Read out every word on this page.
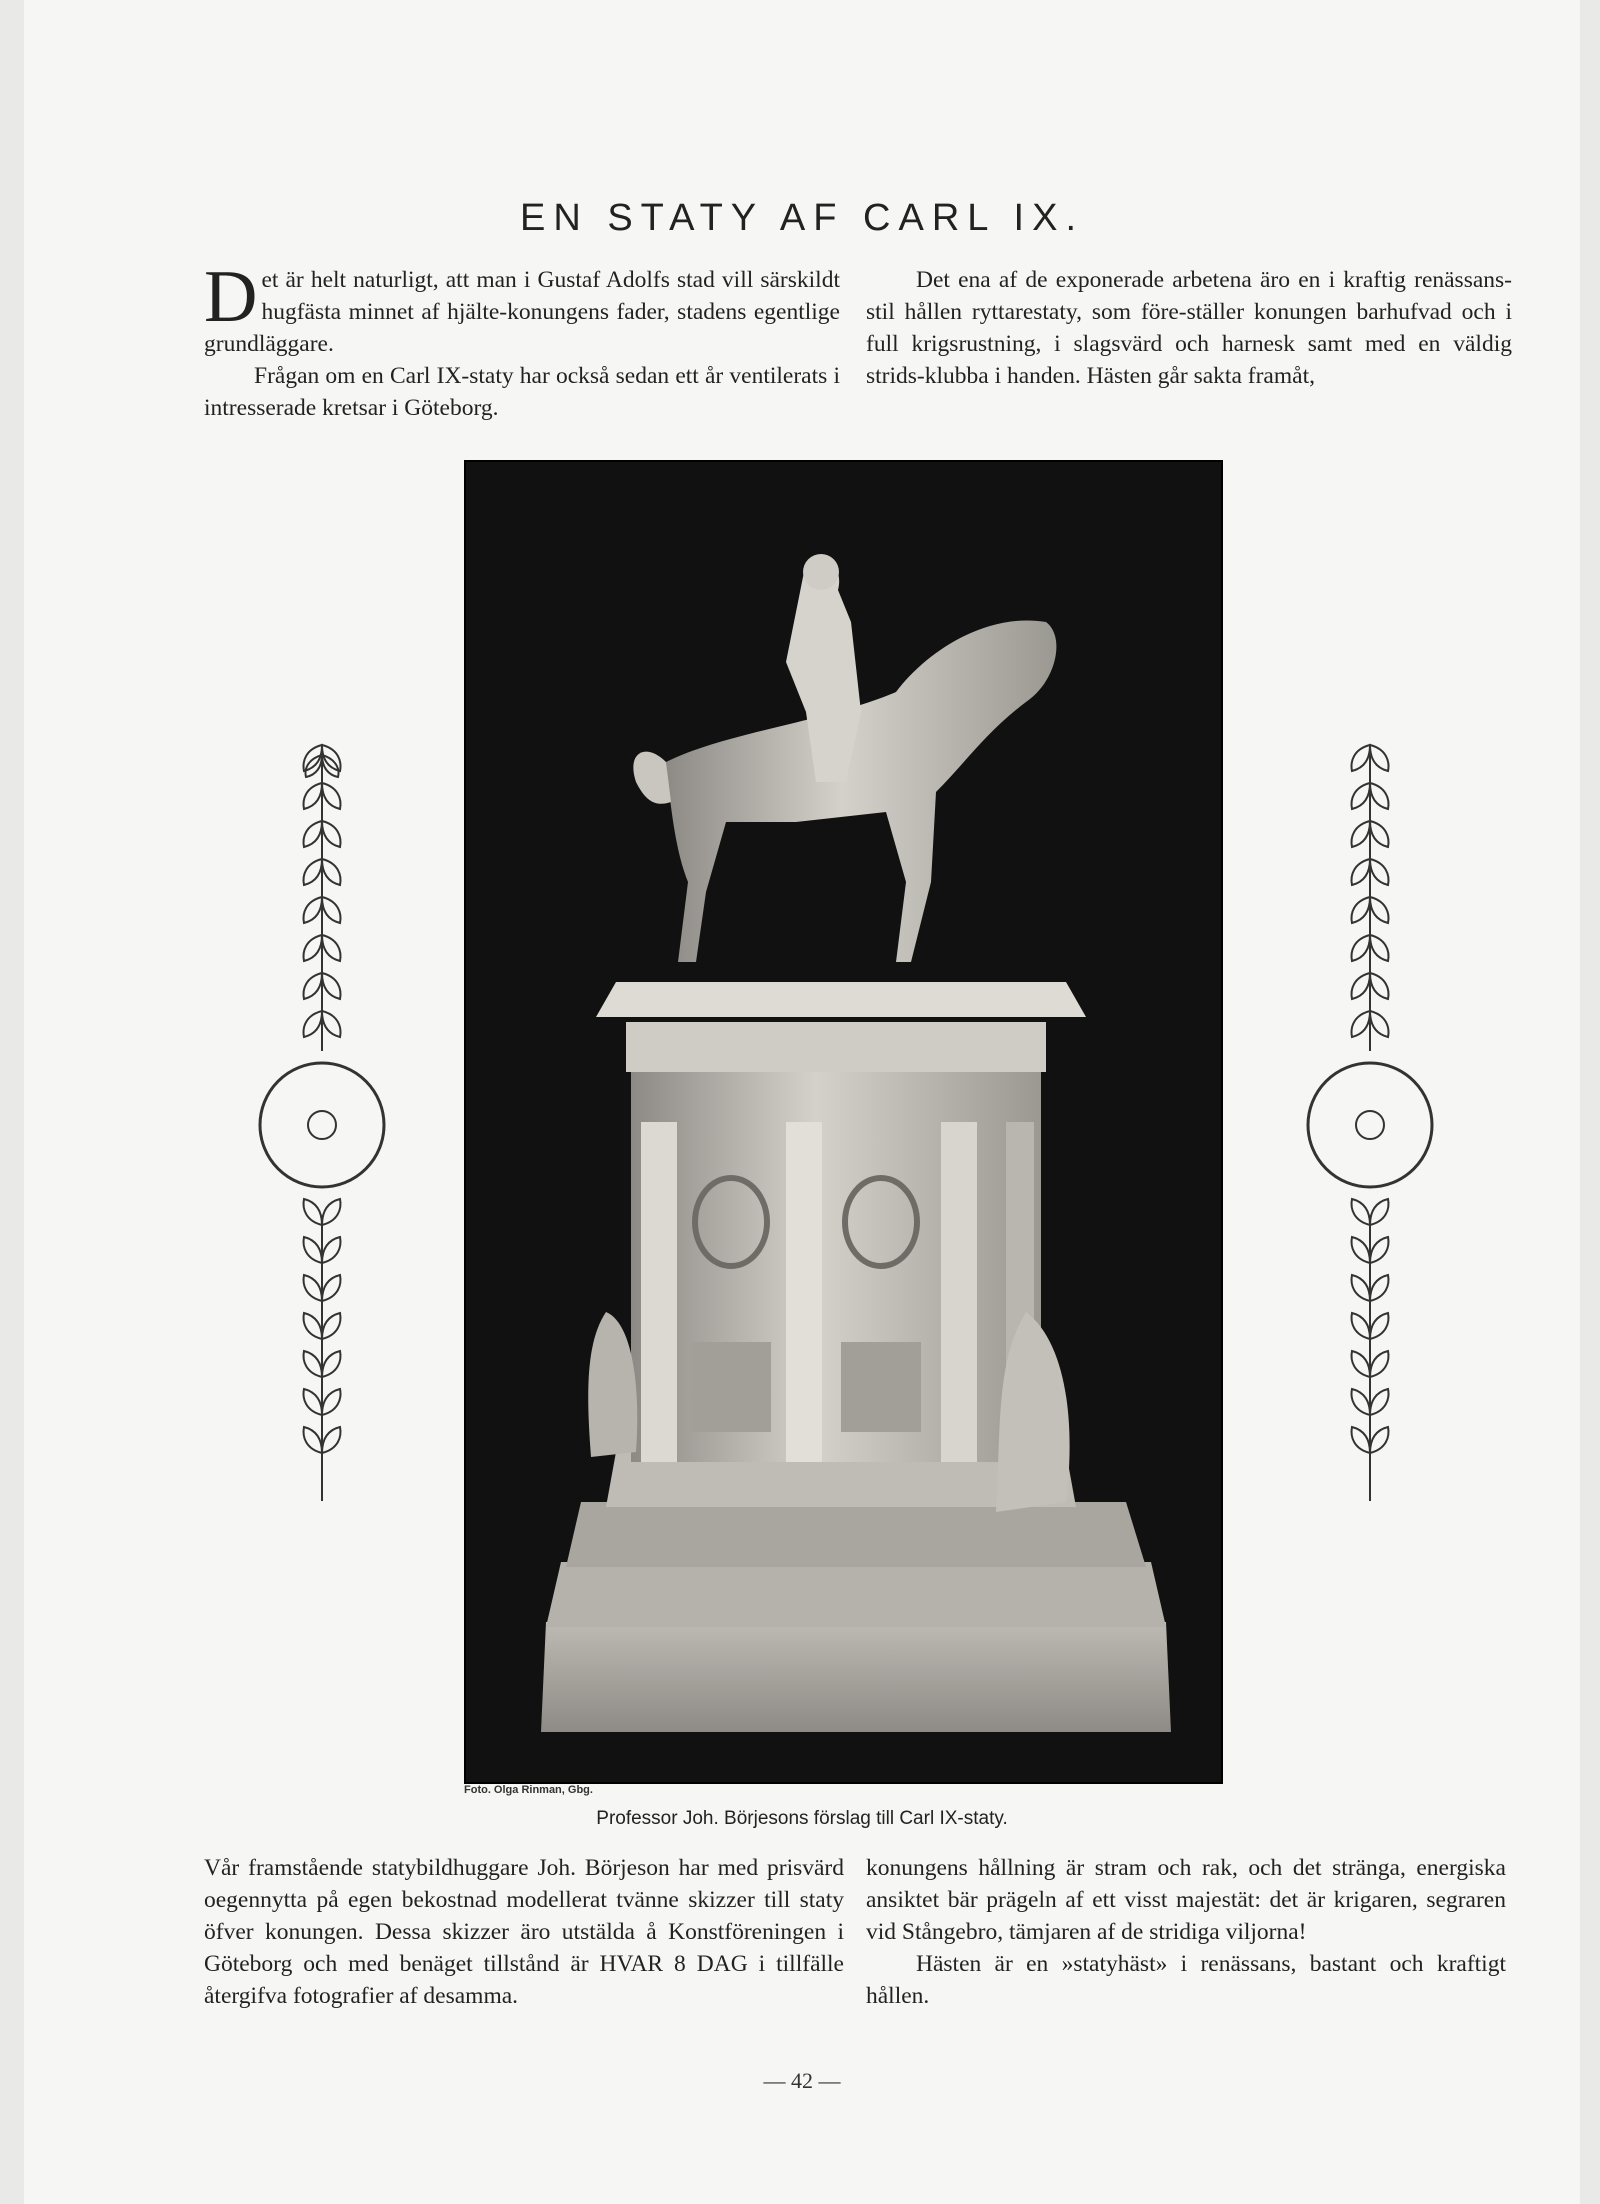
EN STATY AF CARL IX.
D et är helt naturligt, att man i Gustaf Adolfs stad vill särskildt hugfästa minnet af hjälte-konungens fader, stadens egentlige grundläggare.

Frågan om en Carl IX-staty har också sedan ett år ventilerats i intresserade kretsar i Göteborg.

Det ena af de exponerade arbetena äro en i kraftig renässans-stil hållen ryttarestaty, som före-ställer konungen barhufvad och i full krigsrustning, i slagsvärd och harnesk samt med en väldig strids-klubba i handen. Hästen går sakta framåt,

Foto. Olga Rinman, Gbg.
Professor Joh. Börjesons förslag till Carl IX-staty.

Vår framstående statybildhuggare Joh. Börjeson har med prisvärd oegennytta på egen bekostnad modellerat tvänne skizzer till staty öfver konungen. Dessa skizzer äro utstälda å Konstföreningen i Göteborg och med benäget tillstånd är HVAR 8 DAG i tillfälle återgifva fotografier af desamma.

konungens hållning är stram och rak, och det stränga, energiska ansiktet bär prägeln af ett visst majestät: det är krigaren, segraren vid Stångebro, tämjaren af de stridiga viljorna!

Hästen är en »statyhäst» i renässans, bastant och kraftigt hållen.

— 42 —
